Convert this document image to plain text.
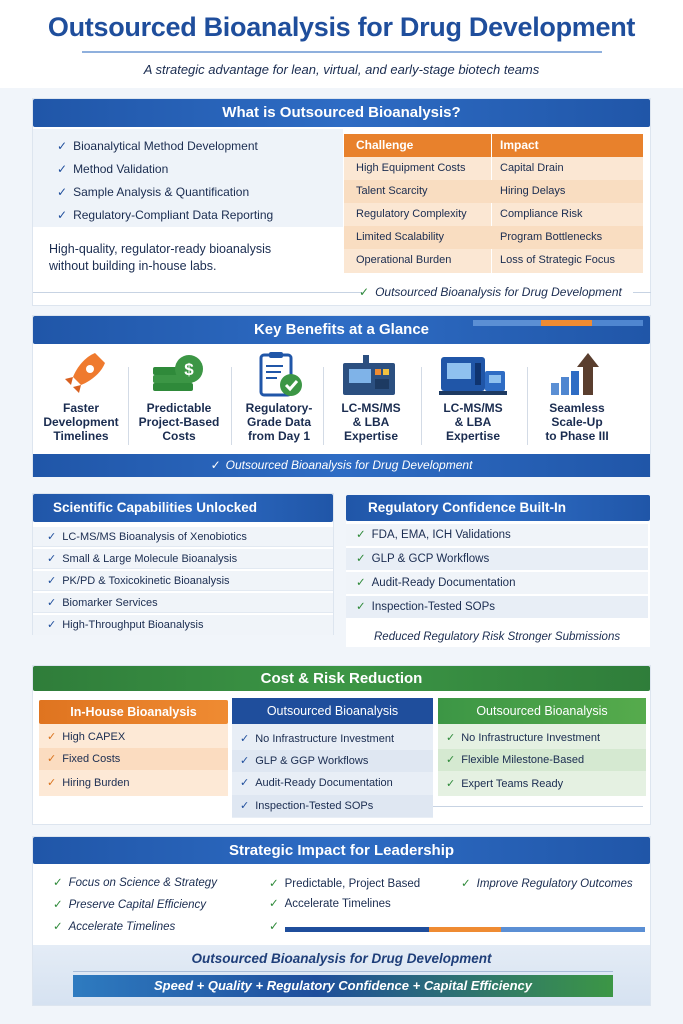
Outsourced Bioanalysis for Drug Development
A strategic advantage for lean, virtual, and early-stage biotech teams
What is Outsourced Bioanalysis?
✓ Bioanalytical Method Development
✓ Method Validation
✓ Sample Analysis & Quantification
✓ Regulatory-Compliant Data Reporting
High-quality, regulator-ready bioanalysis
without building in-house labs.
Challenge	Impact
High Equipment Costs	Capital Drain
Talent Scarcity	Hiring Delays
Regulatory Complexity	Compliance Risk
Limited Scalability	Program Bottlenecks
Operational Burden	Loss of Strategic Focus
✓ Outsourced Bioanalysis for Drug Development
Key Benefits at a Glance
Faster
Development
Timelines
$
Predictable
Project-Based
Costs
Regulatory-
Grade Data
from Day 1
LC-MS/MS
& LBA
Expertise
LC-MS/MS
& LBA
Expertise
Seamless
Scale-Up
to Phase III
✓ Outsourced Bioanalysis for Drug Development
Scientific Capabilities Unlocked
✓ LC-MS/MS Bioanalysis of Xenobiotics
✓ Small & Large Molecule Bioanalysis
✓ PK/PD & Toxicokinetic Bioanalysis
✓ Biomarker Services
✓ High-Throughput Bioanalysis
Regulatory Confidence Built-In
✓ FDA, EMA, ICH Validations
✓ GLP & GCP Workflows
✓ Audit-Ready Documentation
✓ Inspection-Tested SOPs
Reduced Regulatory Risk Stronger Submissions
Cost & Risk Reduction
In-House Bioanalysis
✓ High CAPEX
✓ Fixed Costs
✓ Hiring Burden
Outsourced Bioanalysis
✓ No Infrastructure Investment
✓ GLP & GGP Workflows
✓ Audit-Ready Documentation
✓ Inspection-Tested SOPs
Outsourced Bioanalysis
✓ No Infrastructure Investment
✓ Flexible Milestone-Based
✓ Expert Teams Ready
Strategic Impact for Leadership
✓ Focus on Science & Strategy
✓ Preserve Capital Efficiency
✓ Accelerate Timelines
✓ Predictable, Project Based
✓ Accelerate Timelines
✓
✓ Improve Regulatory Outcomes
Outsourced Bioanalysis for Drug Development
Speed + Quality + Regulatory Confidence + Capital Efficiency
